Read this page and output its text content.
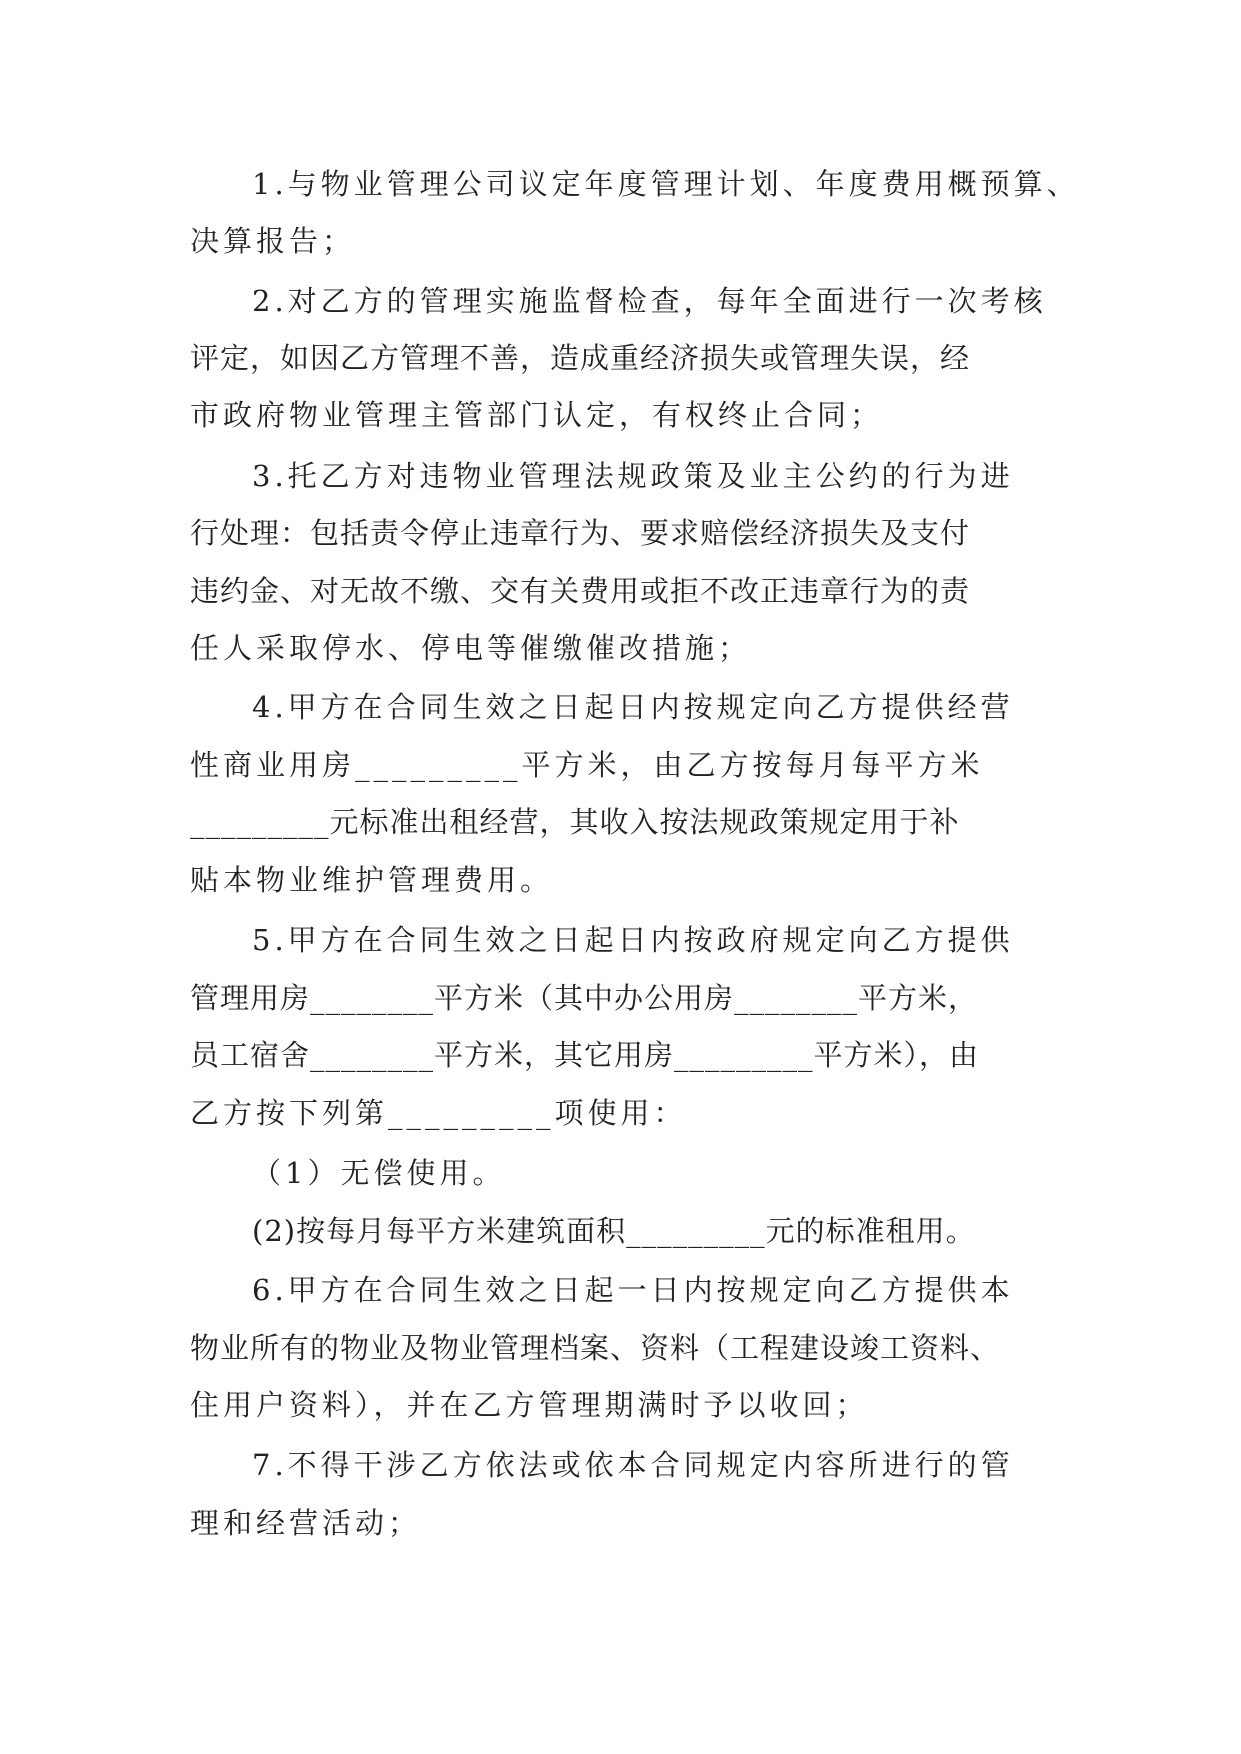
1.与物业管理公司议定年度管理计划、年度费用概预算、
决算报告；
2.对乙方的管理实施监督检查，每年全面进行一次考核
评定，如因乙方管理不善，造成重经济损失或管理失误，经
市政府物业管理主管部门认定，有权终止合同；
3.托乙方对违物业管理法规政策及业主公约的行为进
行处理：包括责令停止违章行为、要求赔偿经济损失及支付
违约金、对无故不缴、交有关费用或拒不改正违章行为的责
任人采取停水、停电等催缴催改措施；
4.甲方在合同生效之日起日内按规定向乙方提供经营
性商业用房_________平方米，由乙方按每月每平方米
_________元标准出租经营，其收入按法规政策规定用于补
贴本物业维护管理费用。
5.甲方在合同生效之日起日内按政府规定向乙方提供
管理用房________平方米（其中办公用房________平方米，
员工宿舍________平方米，其它用房_________平方米），由
乙方按下列第_________项使用：
（1）无偿使用。
(2)按每月每平方米建筑面积_________元的标准租用。
6.甲方在合同生效之日起一日内按规定向乙方提供本
物业所有的物业及物业管理档案、资料（工程建设竣工资料、
住用户资料），并在乙方管理期满时予以收回；
7.不得干涉乙方依法或依本合同规定内容所进行的管
理和经营活动；
